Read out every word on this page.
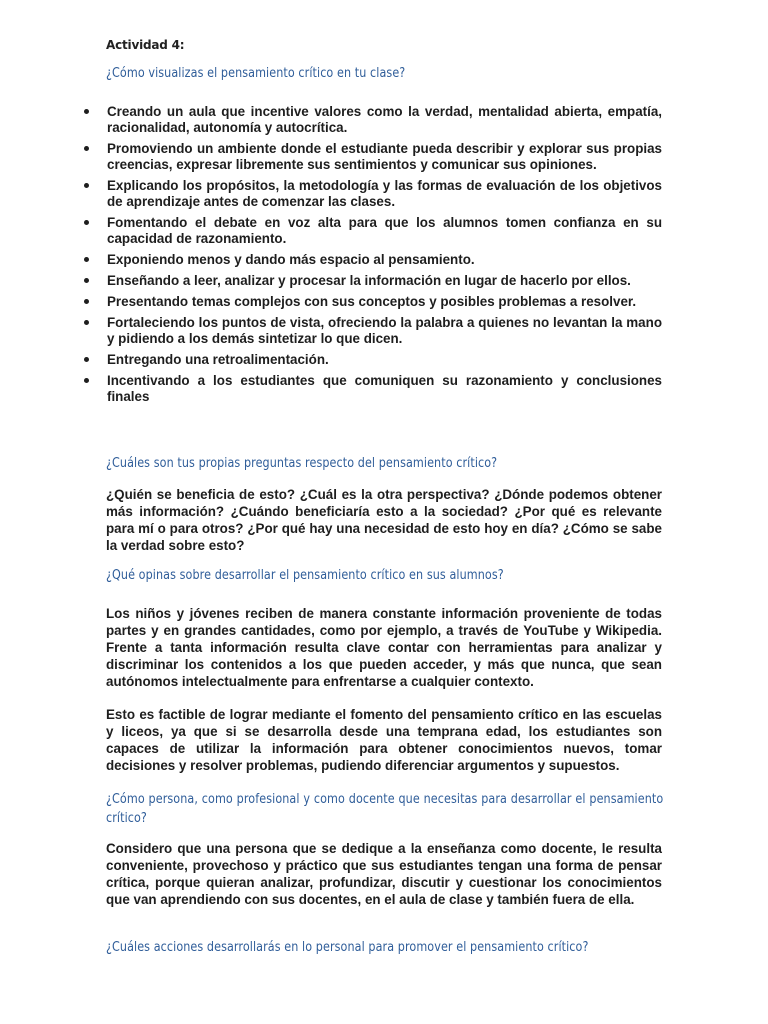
Actividad 4:
¿Cómo visualizas el pensamiento crítico en tu clase?
Creando un aula que incentive valores como la verdad, mentalidad abierta, empatía, racionalidad, autonomía y autocrítica.
Promoviendo un ambiente donde el estudiante pueda describir y explorar sus propias creencias, expresar libremente sus sentimientos y comunicar sus opiniones.
Explicando los propósitos, la metodología y las formas de evaluación de los objetivos de aprendizaje antes de comenzar las clases.
Fomentando el debate en voz alta para que los alumnos tomen confianza en su capacidad de razonamiento.
Exponiendo menos y dando más espacio al pensamiento.
Enseñando a leer, analizar y procesar la información en lugar de hacerlo por ellos.
Presentando temas complejos con sus conceptos y posibles problemas a resolver.
Fortaleciendo los puntos de vista, ofreciendo la palabra a quienes no levantan la mano y pidiendo a los demás sintetizar lo que dicen.
Entregando una retroalimentación.
Incentivando a los estudiantes que comuniquen su razonamiento y conclusiones finales
¿Cuáles son tus propias preguntas respecto del pensamiento crítico?
¿Quién se beneficia de esto? ¿Cuál es la otra perspectiva? ¿Dónde podemos obtener más información? ¿Cuándo beneficiaría esto a la sociedad? ¿Por qué es relevante para mí o para otros? ¿Por qué hay una necesidad de esto hoy en día? ¿Cómo se sabe la verdad sobre esto?
¿Qué opinas sobre desarrollar el pensamiento crítico en sus alumnos?
Los niños y jóvenes reciben de manera constante información proveniente de todas partes y en grandes cantidades, como por ejemplo, a través de YouTube y Wikipedia. Frente a tanta información resulta clave contar con herramientas para analizar y discriminar los contenidos a los que pueden acceder, y más que nunca, que sean autónomos intelectualmente para enfrentarse a cualquier contexto.
Esto es factible de lograr mediante el fomento del pensamiento crítico en las escuelas y liceos, ya que si se desarrolla desde una temprana edad, los estudiantes son capaces de utilizar la información para obtener conocimientos nuevos, tomar decisiones y resolver problemas, pudiendo diferenciar argumentos y supuestos.
¿Cómo persona, como profesional y como docente que necesitas para desarrollar el pensamiento crítico?
Considero que una persona que se dedique a la enseñanza como docente, le resulta conveniente, provechoso y práctico que sus estudiantes tengan una forma de pensar crítica, porque quieran analizar, profundizar, discutir y cuestionar los conocimientos que van aprendiendo con sus docentes, en el aula de clase y también fuera de ella.
¿Cuáles acciones desarrollarás en lo personal para promover el pensamiento crítico?
